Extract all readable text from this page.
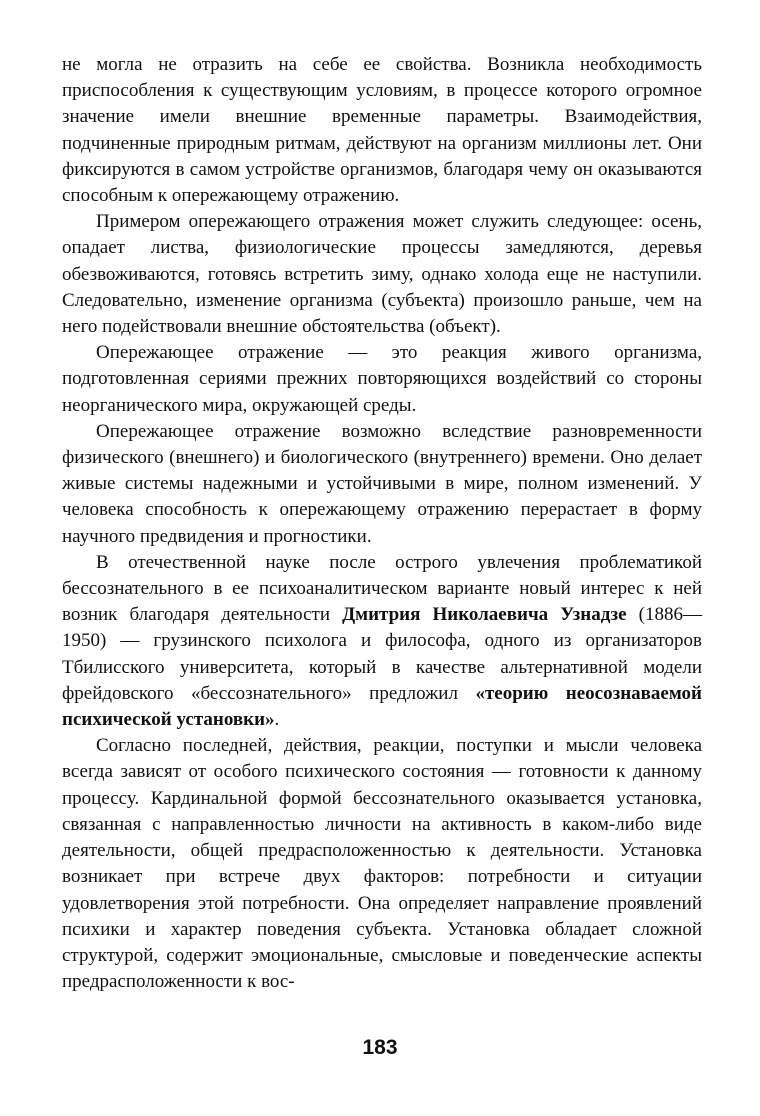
не могла не отразить на себе ее свойства. Возникла необходимость приспособления к существующим условиям, в процессе которого огромное значение имели внешние временные параметры. Взаимодействия, подчиненные природным ритмам, действуют на организм миллионы лет. Они фиксируются в самом устройстве организмов, благодаря чему он оказываются способным к опережающему отражению.

Примером опережающего отражения может служить следующее: осень, опадает листва, физиологические процессы замедляются, деревья обезвоживаются, готовясь встретить зиму, однако холода еще не наступили. Следовательно, изменение организма (субъекта) произошло раньше, чем на него подействовали внешние обстоятельства (объект).

Опережающее отражение — это реакция живого организма, подготовленная сериями прежних повторяющихся воздействий со стороны неорганического мира, окружающей среды.

Опережающее отражение возможно вследствие разновременности физического (внешнего) и биологического (внутреннего) времени. Оно делает живые системы надежными и устойчивыми в мире, полном изменений. У человека способность к опережающему отражению перерастает в форму научного предвидения и прогностики.

В отечественной науке после острого увлечения проблематикой бессознательного в ее психоаналитическом варианте новый интерес к ней возник благодаря деятельности Дмитрия Николаевича Узнадзе (1886—1950) — грузинского психолога и философа, одного из организаторов Тбилисского университета, который в качестве альтернативной модели фрейдовского «бессознательного» предложил «теорию неосознаваемой психической установки».

Согласно последней, действия, реакции, поступки и мысли человека всегда зависят от особого психического состояния — готовности к данному процессу. Кардинальной формой бессознательного оказывается установка, связанная с направленностью личности на активность в каком-либо виде деятельности, общей предрасположенностью к деятельности. Установка возникает при встрече двух факторов: потребности и ситуации удовлетворения этой потребности. Она определяет направление проявлений психики и характер поведения субъекта. Установка обладает сложной структурой, содержит эмоциональные, смысловые и поведенческие аспекты предрасположенности к вос-

183
